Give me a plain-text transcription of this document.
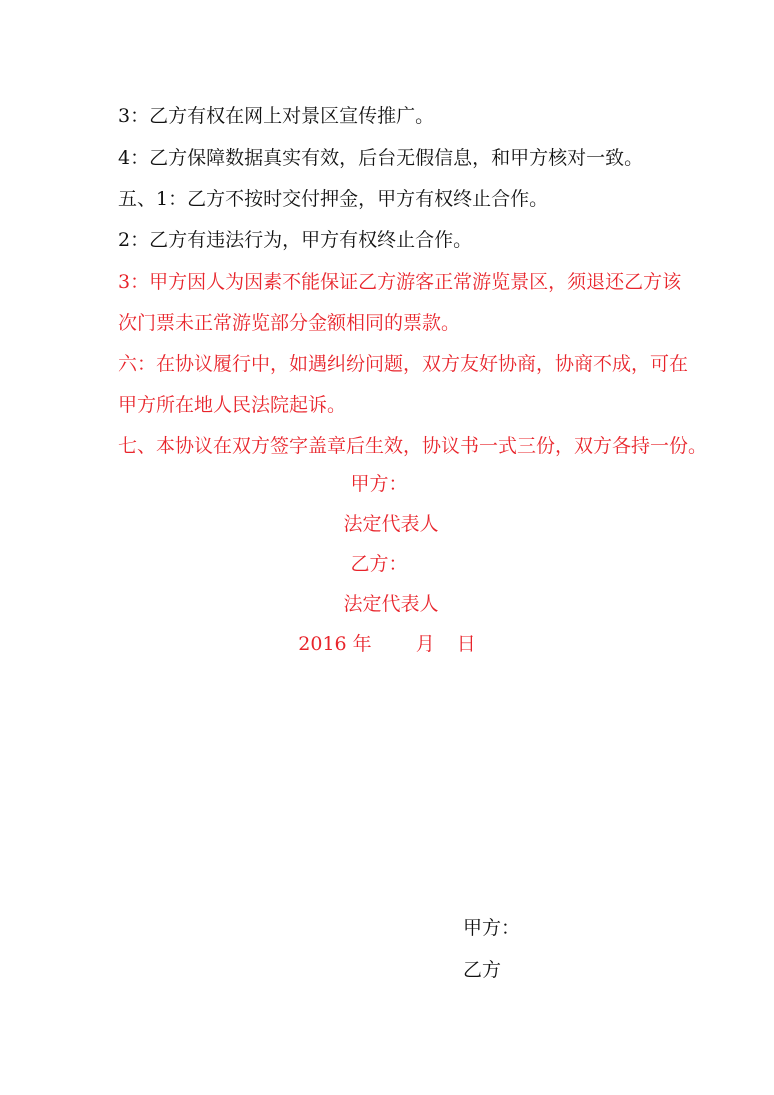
3：乙方有权在网上对景区宣传推广。
4：乙方保障数据真实有效，后台无假信息，和甲方核对一致。
五、1：乙方不按时交付押金，甲方有权终止合作。
2：乙方有违法行为，甲方有权终止合作。
3：甲方因人为因素不能保证乙方游客正常游览景区，须退还乙方该
次门票未正常游览部分金额相同的票款。
六：在协议履行中，如遇纠纷问题，双方友好协商，协商不成，可在
甲方所在地人民法院起诉。
七、本协议在双方签字盖章后生效，协议书一式三份，双方各持一份。
甲方：
法定代表人
乙方：
法定代表人
2016 年 月 日
甲方：
乙方
